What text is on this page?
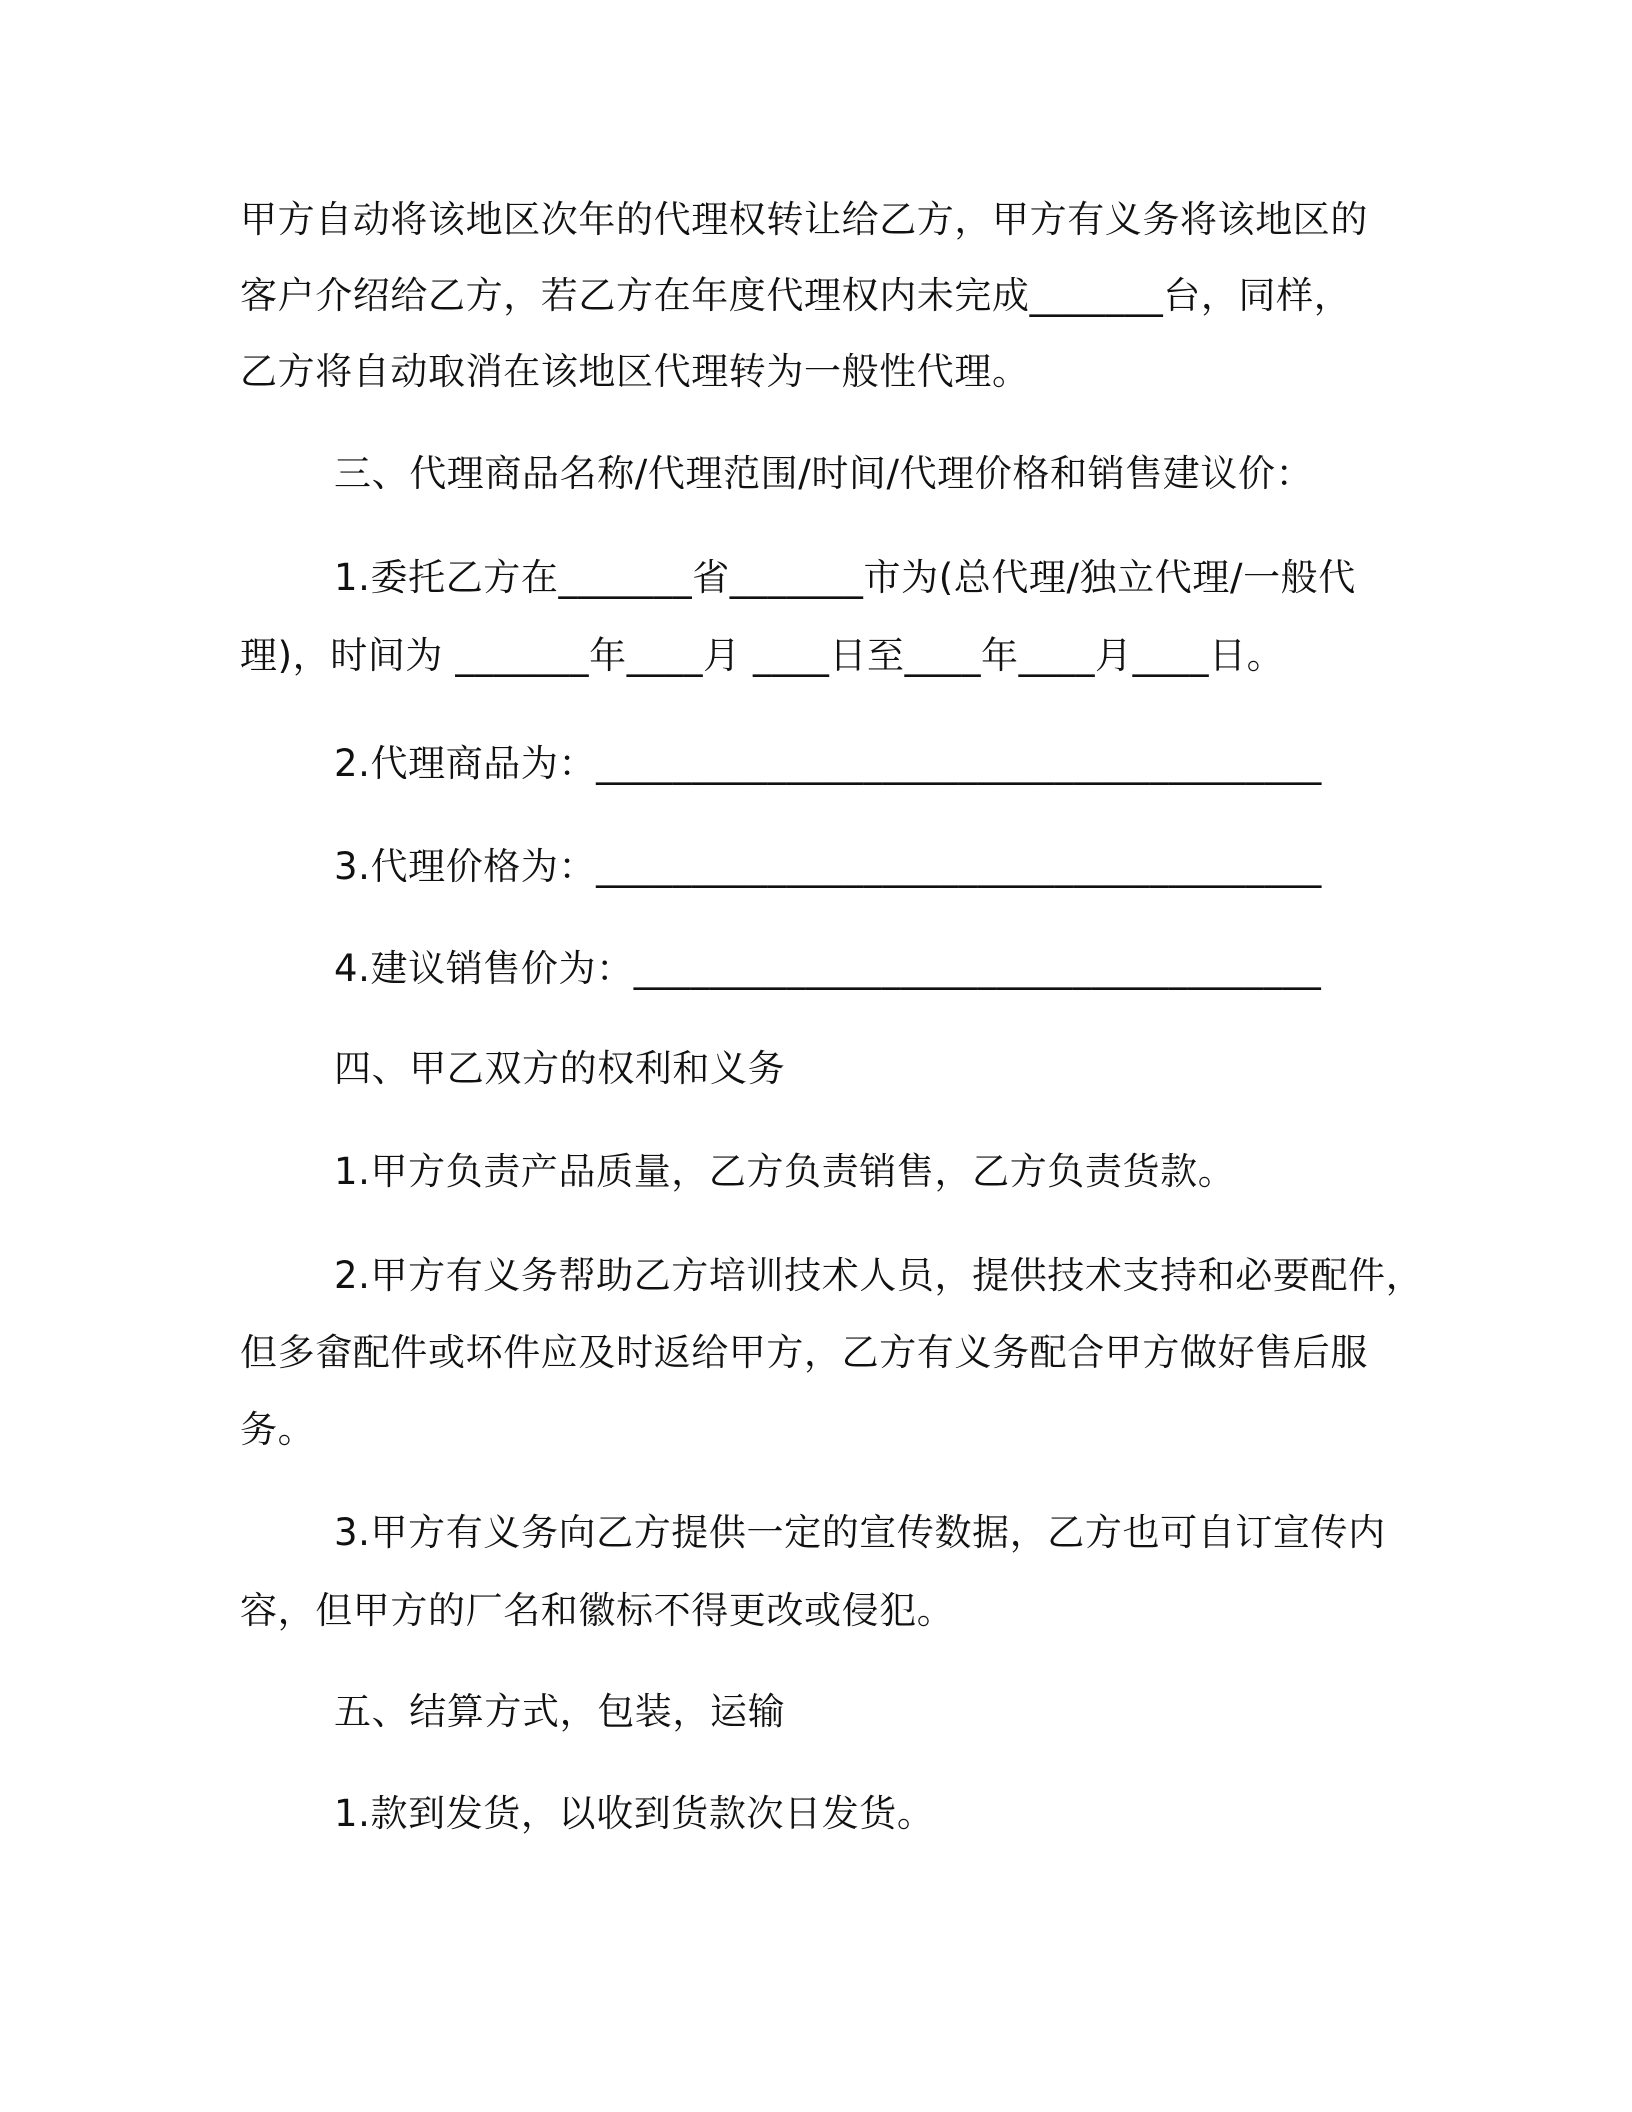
甲方自动将该地区次年的代理权转让给乙方，甲方有义务将该地区的
客户介绍给乙方，若乙方在年度代理权内未完成_______台，同样，
乙方将自动取消在该地区代理转为一般性代理。
三、代理商品名称/代理范围/时间/代理价格和销售建议价：
1.委托乙方在_______省_______市为(总代理/独立代理/一般代
理)，时间为 _______年____月 ____日至____年____月____日。
2.代理商品为：______________________________________
3.代理价格为：______________________________________
4.建议销售价为：____________________________________
四、甲乙双方的权利和义务
1.甲方负责产品质量，乙方负责销售，乙方负责货款。
2.甲方有义务帮助乙方培训技术人员，提供技术支持和必要配件，
但多畲配件或坏件应及时返给甲方，乙方有义务配合甲方做好售后服
务。
3.甲方有义务向乙方提供一定的宣传数据，乙方也可自订宣传内
容，但甲方的厂名和徽标不得更改或侵犯。
五、结算方式，包装，运输
1.款到发货，以收到货款次日发货。
